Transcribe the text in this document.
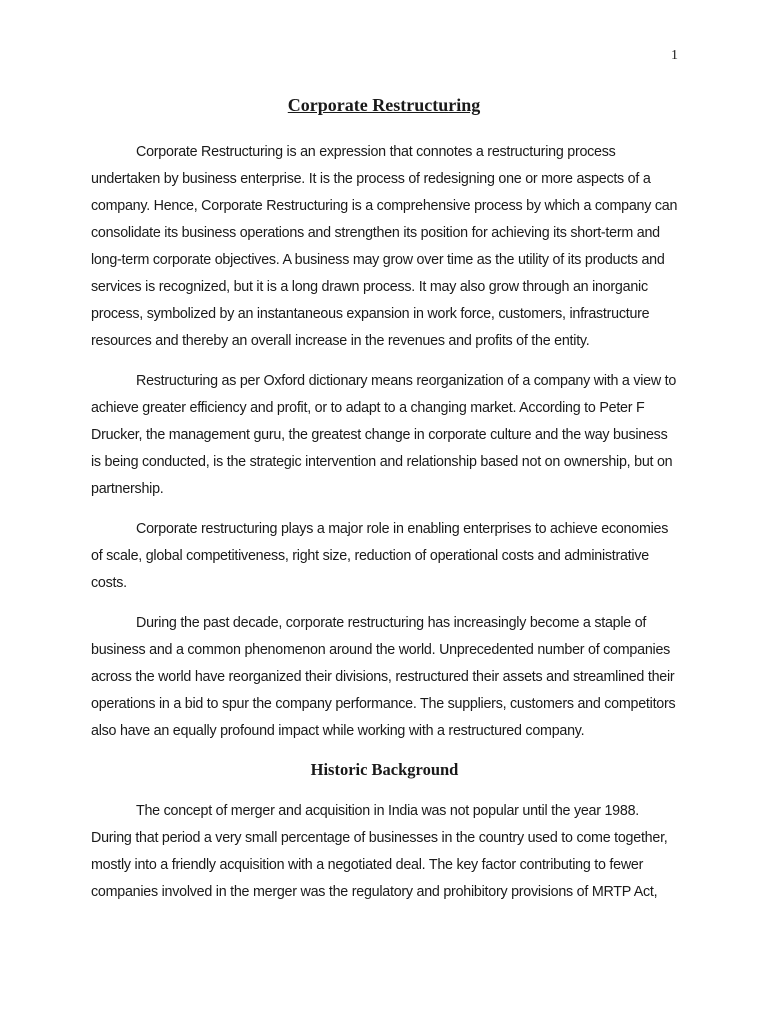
1
Corporate Restructuring

Corporate Restructuring is an expression that connotes a restructuring process undertaken by business enterprise. It is the process of redesigning one or more aspects of a company. Hence, Corporate Restructuring is a comprehensive process by which a company can consolidate its business operations and strengthen its position for achieving its short-term and long-term corporate objectives. A business may grow over time as the utility of its products and services is recognized, but it is a long drawn process. It may also grow through an inorganic process, symbolized by an instantaneous expansion in work force, customers, infrastructure resources and thereby an overall increase in the revenues and profits of the entity.

Restructuring as per Oxford dictionary means reorganization of a company with a view to achieve greater efficiency and profit, or to adapt to a changing market. According to Peter F Drucker, the management guru, the greatest change in corporate culture and the way business is being conducted, is the strategic intervention and relationship based not on ownership, but on partnership.

Corporate restructuring plays a major role in enabling enterprises to achieve economies of scale, global competitiveness, right size, reduction of operational costs and administrative costs.

During the past decade, corporate restructuring has increasingly become a staple of business and a common phenomenon around the world. Unprecedented number of companies across the world have reorganized their divisions, restructured their assets and streamlined their operations in a bid to spur the company performance. The suppliers, customers and competitors also have an equally profound impact while working with a restructured company.

Historic Background

The concept of merger and acquisition in India was not popular until the year 1988. During that period a very small percentage of businesses in the country used to come together, mostly into a friendly acquisition with a negotiated deal. The key factor contributing to fewer companies involved in the merger was the regulatory and prohibitory provisions of MRTP Act,
